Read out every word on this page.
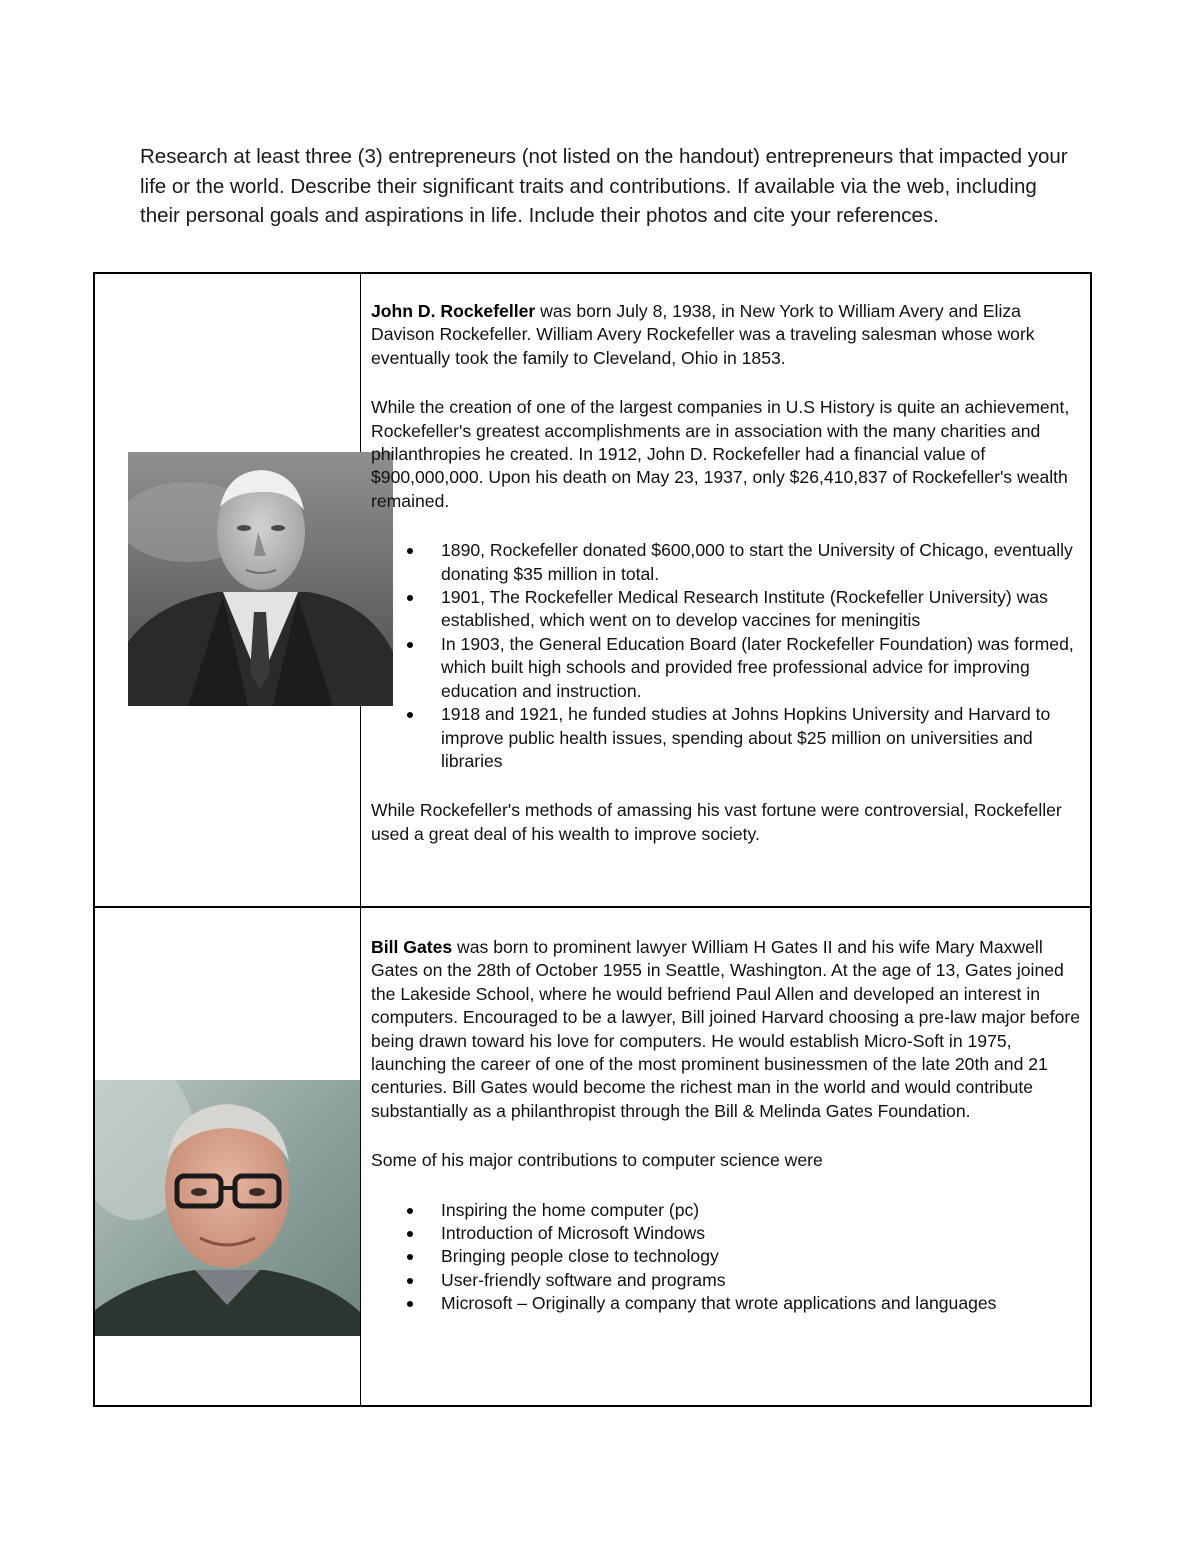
Research at least three (3) entrepreneurs (not listed on the handout) entrepreneurs that impacted your life or the world. Describe their significant traits and contributions. If available via the web, including their personal goals and aspirations in life. Include their photos and cite your references.

John D. Rockefeller was born July 8, 1938, in New York to William Avery and Eliza Davison Rockefeller. William Avery Rockefeller was a traveling salesman whose work eventually took the family to Cleveland, Ohio in 1853.

While the creation of one of the largest companies in U.S History is quite an achievement, Rockefeller's greatest accomplishments are in association with the many charities and philanthropies he created. In 1912, John D. Rockefeller had a financial value of $900,000,000. Upon his death on May 23, 1937, only $26,410,837 of Rockefeller's wealth remained.

1890, Rockefeller donated $600,000 to start the University of Chicago, eventually donating $35 million in total.
1901, The Rockefeller Medical Research Institute (Rockefeller University) was established, which went on to develop vaccines for meningitis
In 1903, the General Education Board (later Rockefeller Foundation) was formed, which built high schools and provided free professional advice for improving education and instruction.
1918 and 1921, he funded studies at Johns Hopkins University and Harvard to improve public health issues, spending about $25 million on universities and libraries

While Rockefeller's methods of amassing his vast fortune were controversial, Rockefeller used a great deal of his wealth to improve society.

Bill Gates was born to prominent lawyer William H Gates II and his wife Mary Maxwell Gates on the 28th of October 1955 in Seattle, Washington. At the age of 13, Gates joined the Lakeside School, where he would befriend Paul Allen and developed an interest in computers. Encouraged to be a lawyer, Bill joined Harvard choosing a pre-law major before being drawn toward his love for computers. He would establish Micro-Soft in 1975, launching the career of one of the most prominent businessmen of the late 20th and 21 centuries. Bill Gates would become the richest man in the world and would contribute substantially as a philanthropist through the Bill & Melinda Gates Foundation.

Some of his major contributions to computer science were

Inspiring the home computer (pc)
Introduction of Microsoft Windows
Bringing people close to technology
User-friendly software and programs
Microsoft – Originally a company that wrote applications and languages
